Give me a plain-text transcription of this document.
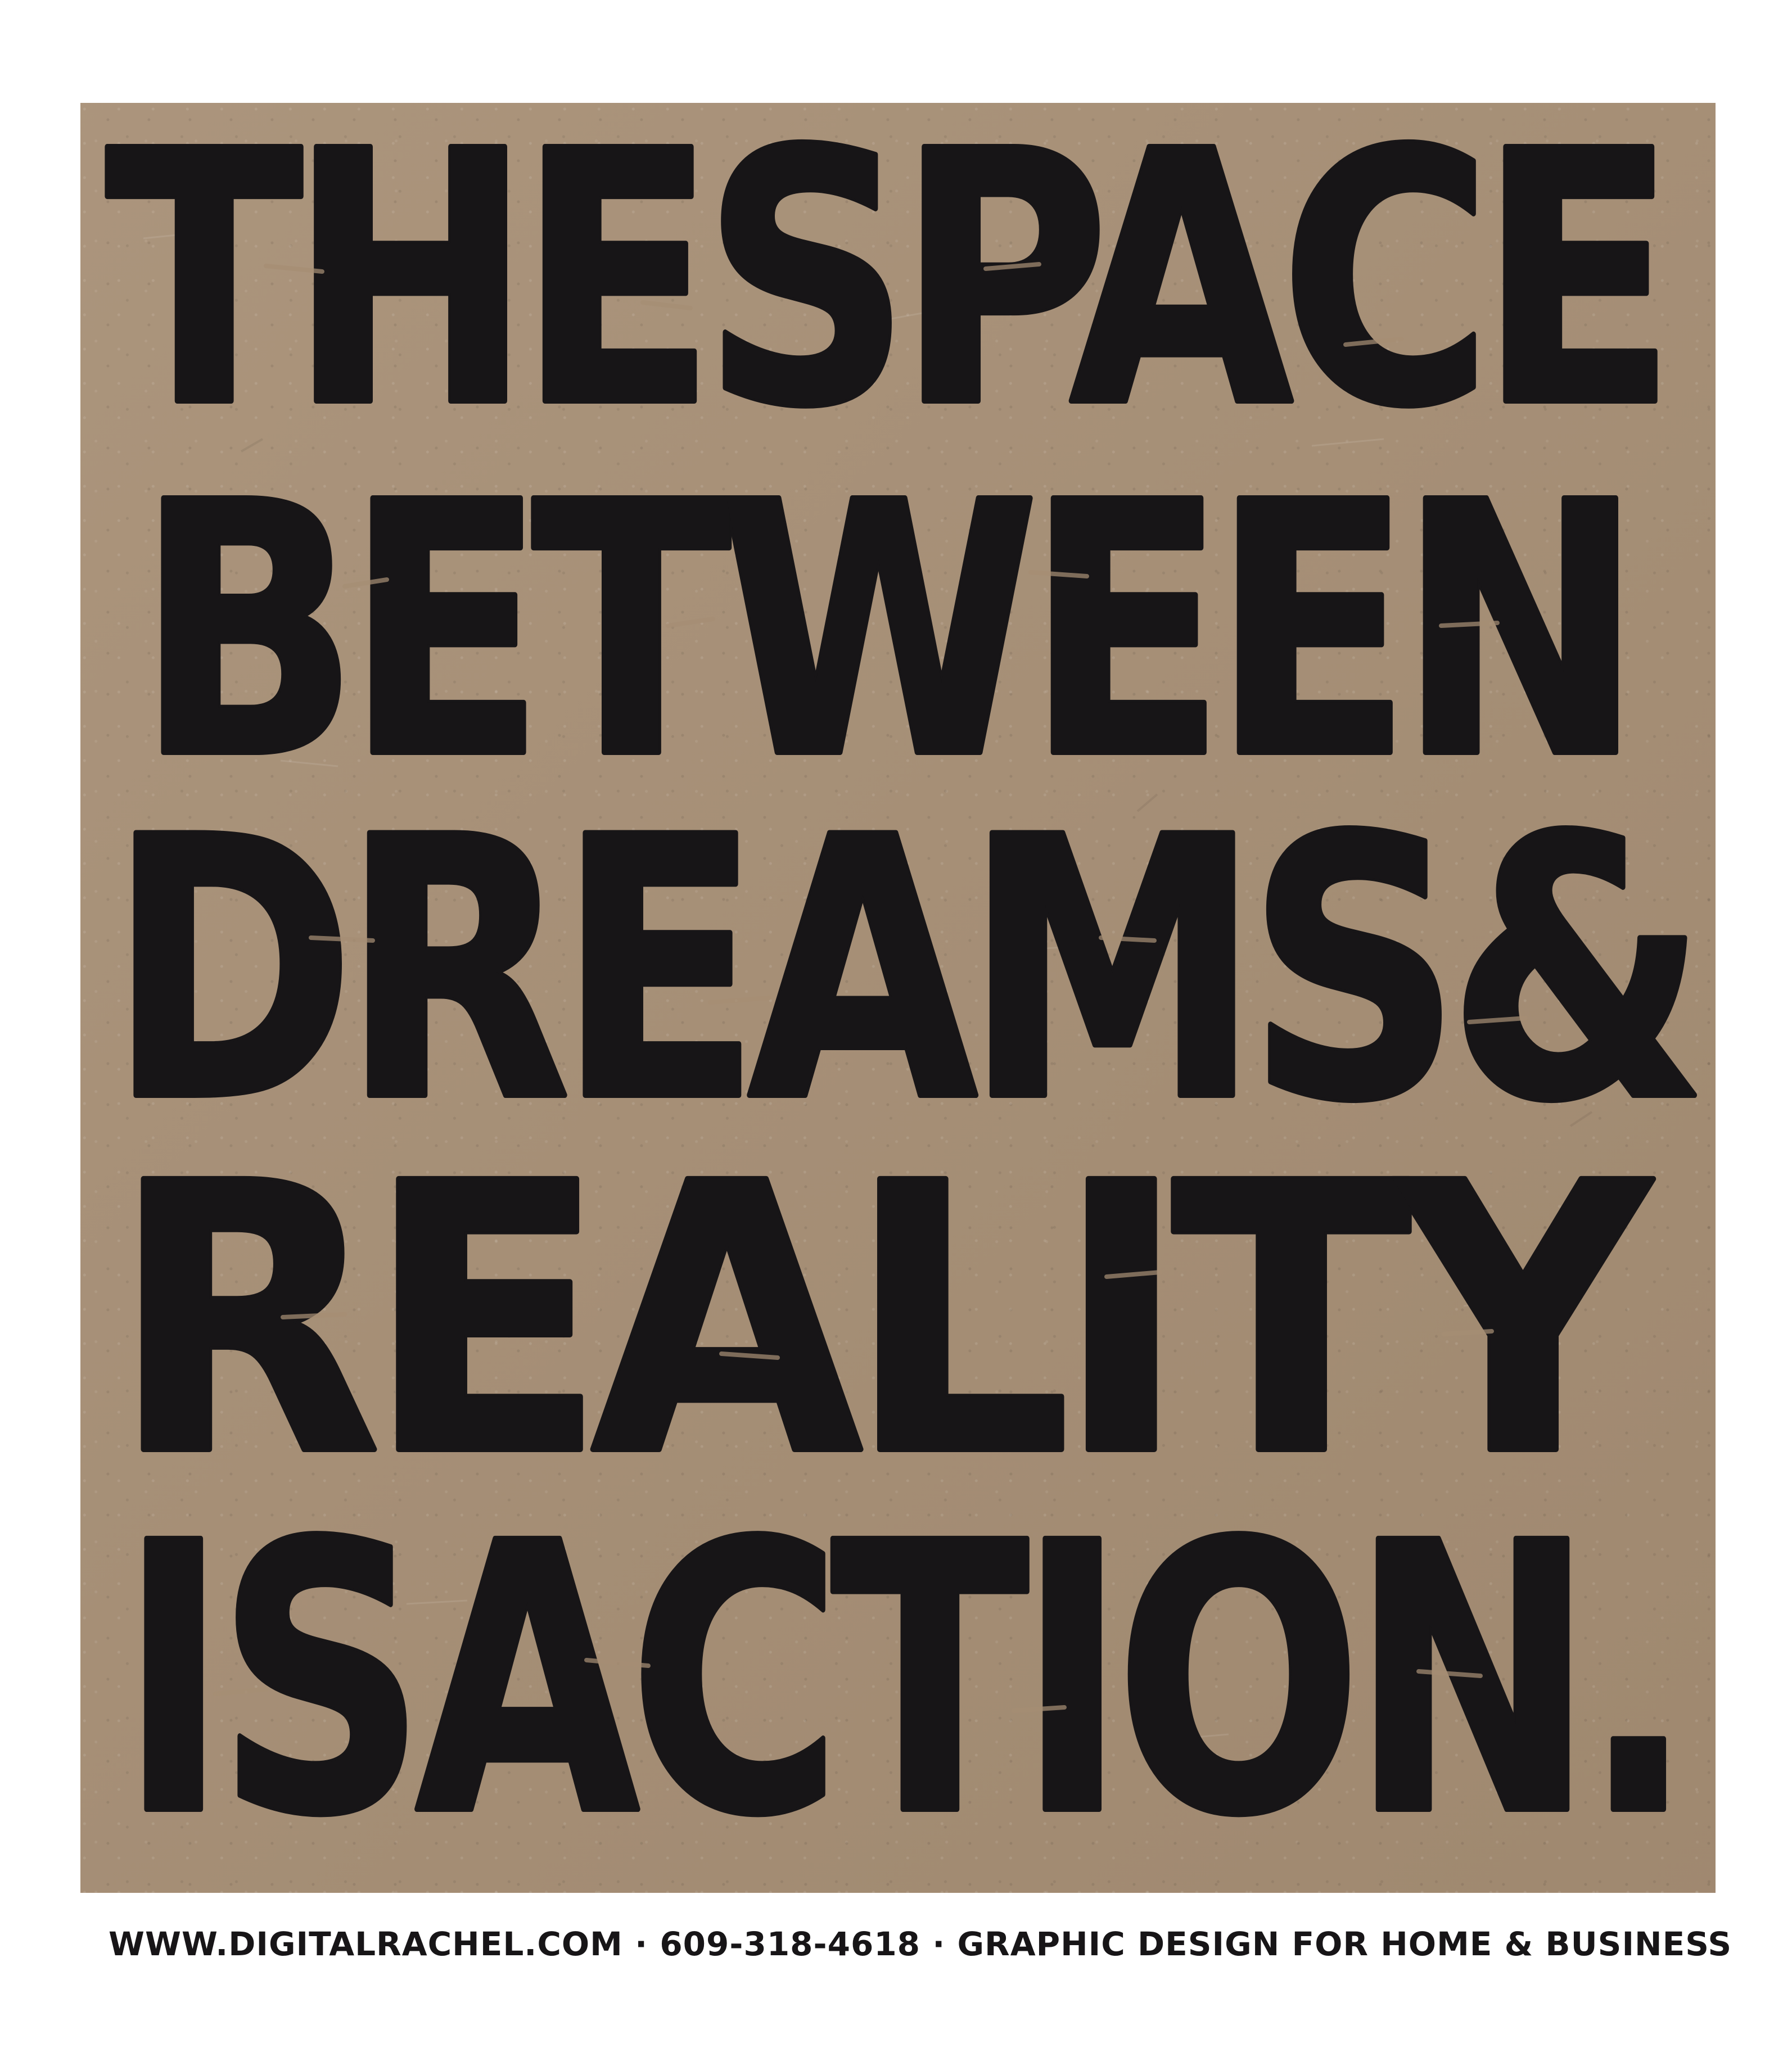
THESPACE
BETWEEN
DREAMS&
REALITY
ISACTION.
WWW.DIGITALRACHEL.COM · 609-318-4618 · GRAPHIC DESIGN FOR HOME & BUSINESS
